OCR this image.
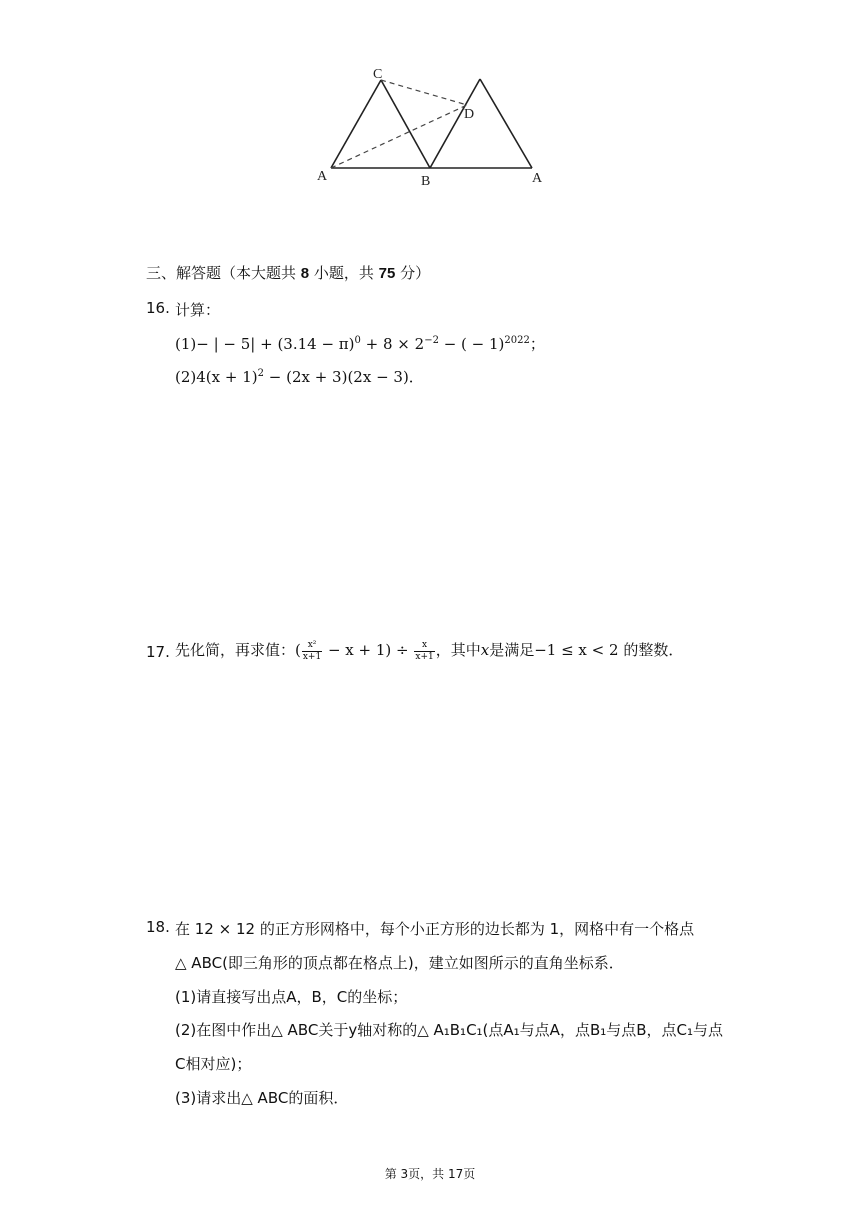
C
D
A	B	A
三、解答题（本大题共 8 小题，共 75 分）
16. 计算：
(1)− | − $5| + (3.14 - \pi)^0 + 8 \times 2^{-2}$ − ( − 1)$^{2022}$；
$(2)4(x + 1)^2 - (2x + 3)(2x - 3)$．
17. 先化简，再求值：( $\frac{\text{x²}}{x+1} - x + 1) \div \frac{x}{x+1}$ ，其中x是满足−1 ≤ x < 2 的整数．
18. 在 12 × 12 的正方形网格中，每个小正方形的边长都为 1，网格中有一个格点
△ ABC(即三角形的顶点都在格点上)，建立如图所示的直角坐标系．
(1)请直接写出点A，B，C的坐标；
(2)在图中作出△ ABC关于y轴对称的△ A₁B₁C₁(点A₁与点A，点B₁与点B，点C₁与点
C相对应)；
(3)请求出△ ABC的面积．
第 3页，共 17页
